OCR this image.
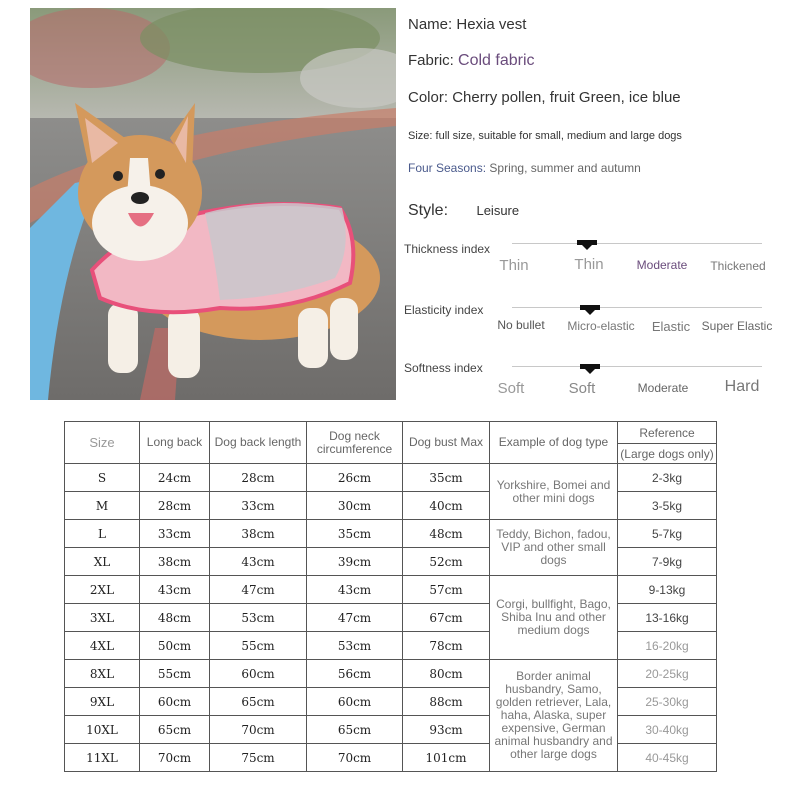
Name: Hexia vest
Fabric: Cold fabric
Color: Cherry pollen, fruit Green, ice blue
Size: full size, suitable for small, medium and large dogs
Four Seasons: Spring, summer and autumn
Style: Leisure
Thickness index
Thin	Thin	Moderate Thickened
Elasticity index
No bullet Micro-elastic Elastic Super Elastic
Softness index
Soft	Soft	Moderate Hard
Size	Long back	Dog back length	Dog neck circumference	Dog bust Max	Example of dog type	Reference
(Large dogs only)

S	24cm	28cm	26cm	35cm	Yorkshire, Bomei and other mini dogs	2-3kg
M	28cm	33cm	30cm	40cm		3-5kg
L	33cm	38cm	35cm	48cm	Teddy, Bichon, fadou, VIP and other small dogs	5-7kg
XL	38cm	43cm	39cm	52cm		7-9kg
2XL	43cm	47cm	43cm	57cm	Corgi, bullfight, Bago, Shiba Inu and other medium dogs	9-13kg
3XL	48cm	53cm	47cm	67cm		13-16kg
4XL	50cm	55cm	53cm	78cm		16-20kg
8XL	55cm	60cm	56cm	80cm	Border animal husbandry, Samo, golden retriever, Lala, haha, Alaska, super expensive, German animal husbandry and other large dogs	20-25kg
9XL	60cm	65cm	60cm	88cm		25-30kg
10XL	65cm	70cm	65cm	93cm		30-40kg
11XL	70cm	75cm	70cm	101cm		40-45kg
